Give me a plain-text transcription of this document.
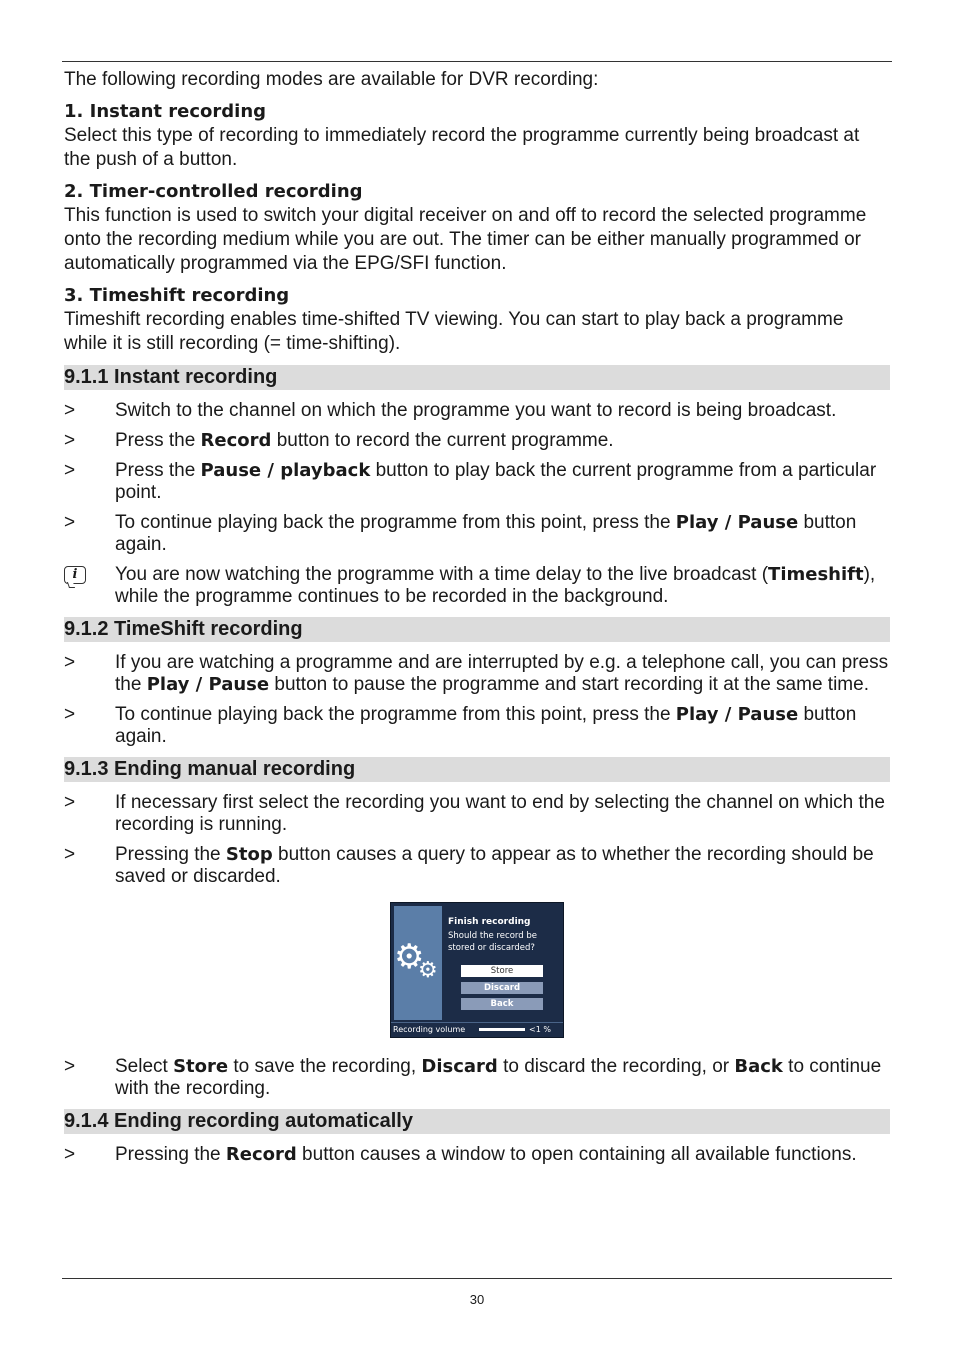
The following recording modes are available for DVR recording:

1. Instant recording

Select this type of recording to immediately record the programme currently being broadcast at the push of a button.

2. Timer-controlled recording

This function is used to switch your digital receiver on and off to record the selected programme onto the recording medium while you are out. The timer can be either manually programmed or automatically programmed via the EPG/SFI function.

3. Timeshift recording

Timeshift recording enables time-shifted TV viewing. You can start to play back a programme while it is still recording (= time-shifting).

9.1.1 Instant recording
>	Switch to the channel on which the programme you want to record is being broadcast.
>	Press the Record button to record the current programme.
>	Press the Pause / playback button to play back the current programme from a particular point.
>	To continue playing back the programme from this point, press the Play / Pause button again.
i	You are now watching the programme with a time delay to the live broadcast (Timeshift), while the programme continues to be recorded in the background.
9.1.2 TimeShift recording
>	If you are watching a programme and are interrupted by e.g. a telephone call, you can press the Play / Pause button to pause the programme and start recording it at the same time.
>	To continue playing back the programme from this point, press the Play / Pause button again.
9.1.3 Ending manual recording
>	If necessary first select the recording you want to end by selecting the channel on which the recording is running.
>	Pressing the Stop button causes a query to appear as to whether the recording should be saved or discarded.
⚙
⚙
Finish recording
Should the record be stored or discarded?
Store
Discard
Back
Recording volume	<1 %
>	Select Store to save the recording, Discard to discard the recording, or Back to continue with the recording.
9.1.4 Ending recording automatically
>	Pressing the Record button causes a window to open containing all available functions.
30
